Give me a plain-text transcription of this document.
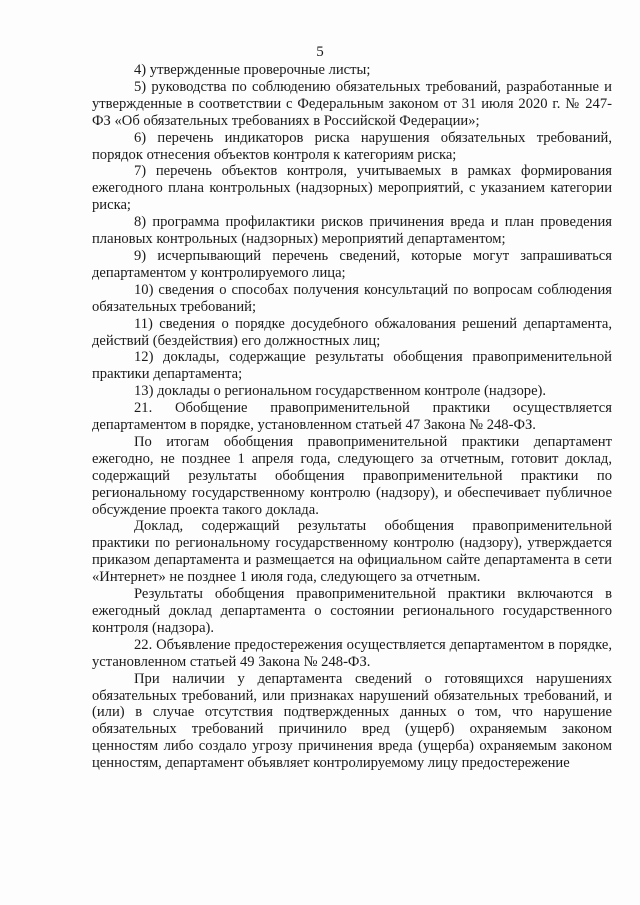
5

4) утвержденные проверочные листы;

5) руководства по соблюдению обязательных требований, разработанные и утвержденные в соответствии с Федеральным законом от 31 июля 2020 г. № 247-ФЗ «Об обязательных требованиях в Российской Федерации»;

6) перечень индикаторов риска нарушения обязательных требований, порядок отнесения объектов контроля к категориям риска;

7) перечень объектов контроля, учитываемых в рамках формирования ежегодного плана контрольных (надзорных) мероприятий, с указанием категории риска;

8) программа профилактики рисков причинения вреда и план проведения плановых контрольных (надзорных) мероприятий департаментом;

9) исчерпывающий перечень сведений, которые могут запрашиваться департаментом у контролируемого лица;

10) сведения о способах получения консультаций по вопросам соблюдения обязательных требований;

11) сведения о порядке досудебного обжалования решений департамента, действий (бездействия) его должностных лиц;

12) доклады, содержащие результаты обобщения правоприменительной практики департамента;

13) доклады о региональном государственном контроле (надзоре).

21. Обобщение правоприменительной практики осуществляется департаментом в порядке, установленном статьей 47 Закона № 248-ФЗ.

По итогам обобщения правоприменительной практики департамент ежегодно, не позднее 1 апреля года, следующего за отчетным, готовит доклад, содержащий результаты обобщения правоприменительной практики по региональному государственному контролю (надзору), и обеспечивает публичное обсуждение проекта такого доклада.

Доклад, содержащий результаты обобщения правоприменительной практики по региональному государственному контролю (надзору), утверждается приказом департамента и размещается на официальном сайте департамента в сети «Интернет» не позднее 1 июля года, следующего за отчетным.

Результаты обобщения правоприменительной практики включаются в ежегодный доклад департамента о состоянии регионального государственного контроля (надзора).

22. Объявление предостережения осуществляется департаментом в порядке, установленном статьей 49 Закона № 248-ФЗ.

При наличии у департамента сведений о готовящихся нарушениях обязательных требований, или признаках нарушений обязательных требований, и (или) в случае отсутствия подтвержденных данных о том, что нарушение обязательных требований причинило вред (ущерб) охраняемым законом ценностям либо создало угрозу причинения вреда (ущерба) охраняемым законом ценностям, департамент объявляет контролируемому лицу предостережение
